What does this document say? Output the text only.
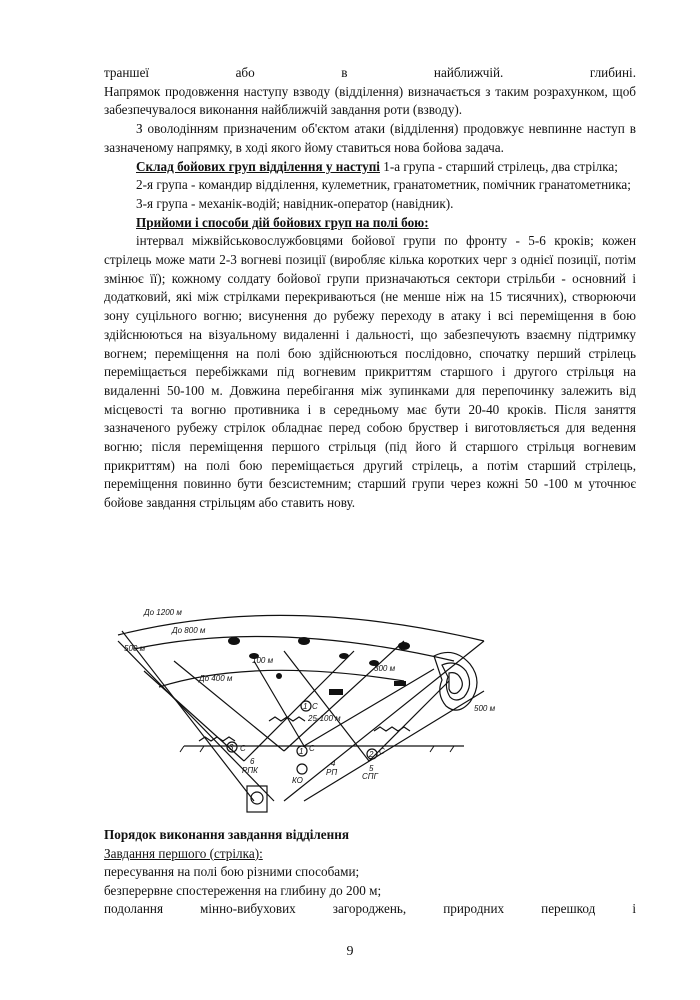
траншеї або в найближчій. глибині.

Напрямок продовження наступу взводу (відділення) визначається з таким розрахунком, щоб забезпечувалося виконання найближчій завдання роти (взводу).

З оволодінням призначеним об'єктом атаки (відділення) продовжує невпинне наступ в зазначеному напрямку, в ході якого йому ставиться нова бойова задача.

Склад бойових груп відділення у наступі 1-а група - старший стрілець, два стрілка;

2-я група - командир відділення, кулеметник, гранатометник, помічник гранатометника;

3-я група - механік-водій; навідник-оператор (навідник).

Прийоми і способи дій бойових груп на полі бою:

інтервал міжвійськовослужбовцями бойової групи по фронту - 5-6 кроків; кожен стрілець може мати 2-3 вогневі позиції (виробляє кілька коротких черг з однієї позиції, потім змінює її); кожному солдату бойової групи призначаються сектори стрільби - основний і додатковий, які між стрілками перекриваються (не менше ніж на 15 тисячних), створюючи зону суцільного вогню; висунення до рубежу переходу в атаку і всі переміщення в бою здійснюються на візуальному видаленні і дальності, що забезпечують взаємну підтримку вогнем; переміщення на полі бою здійснюються послідовно, спочатку перший стрілець переміщається перебіжками під вогневим прикриттям старшого і другого стрільця на видаленні 50-100 м. Довжина перебігання між зупинками для перепочинку залежить від місцевості та вогню противника і в середньому має бути 20-40 кроків. Після заняття зазначеного рубежу стрілок обладнає перед собою бруствер і виготовляється для ведення вогню; після переміщення першого стрільця (під його й старшого стрільця вогневим прикриттям) на полі бою переміщається другий стрілець, а потім старший стрілець, переміщення повинно бути безсистемним; старший групи через кожні 50 -100 м уточнює бойове завдання стрільцям або ставить нову.

До 1200 м
До 800 м
До 400 м
500 м
500 м
100 м
300 м
25-100 м
1 С
1 С
2 С
3 С
6
РПК
КО
4
РП	5
СПГ

Порядок виконання завдання відділення

Завдання першого (стрілка):

пересування на полі бою різними способами;

безперервне спостереження на глибину до 200 м;

подолання мінно-вибухових загороджень, природних перешкод і

9
